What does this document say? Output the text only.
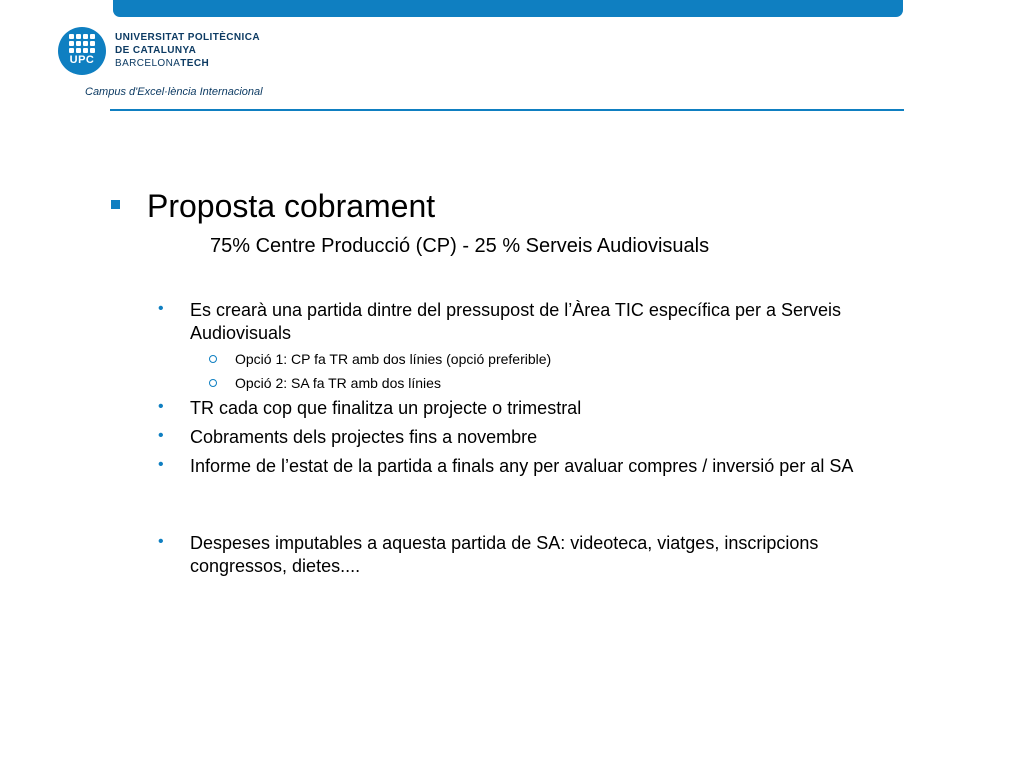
UPC
UNIVERSITAT POLITÈCNICA
DE CATALUNYA
BARCELONATECH
Campus d'Excel·lència Internacional
Proposta cobrament
75% Centre Producció (CP) - 25 % Serveis Audiovisuals
• Es crearà una partida dintre del pressupost de l’Àrea TIC específica per a Serveis Audiovisuals
Opció 1: CP fa TR amb dos línies (opció preferible)
Opció 2: SA fa TR amb dos línies
• TR cada cop que finalitza un projecte o trimestral
• Cobraments dels projectes fins a novembre
• Informe de l’estat de la partida a finals any per avaluar compres / inversió per al SA
• Despeses imputables a aquesta partida de SA: videoteca, viatges, inscripcions congressos, dietes....
